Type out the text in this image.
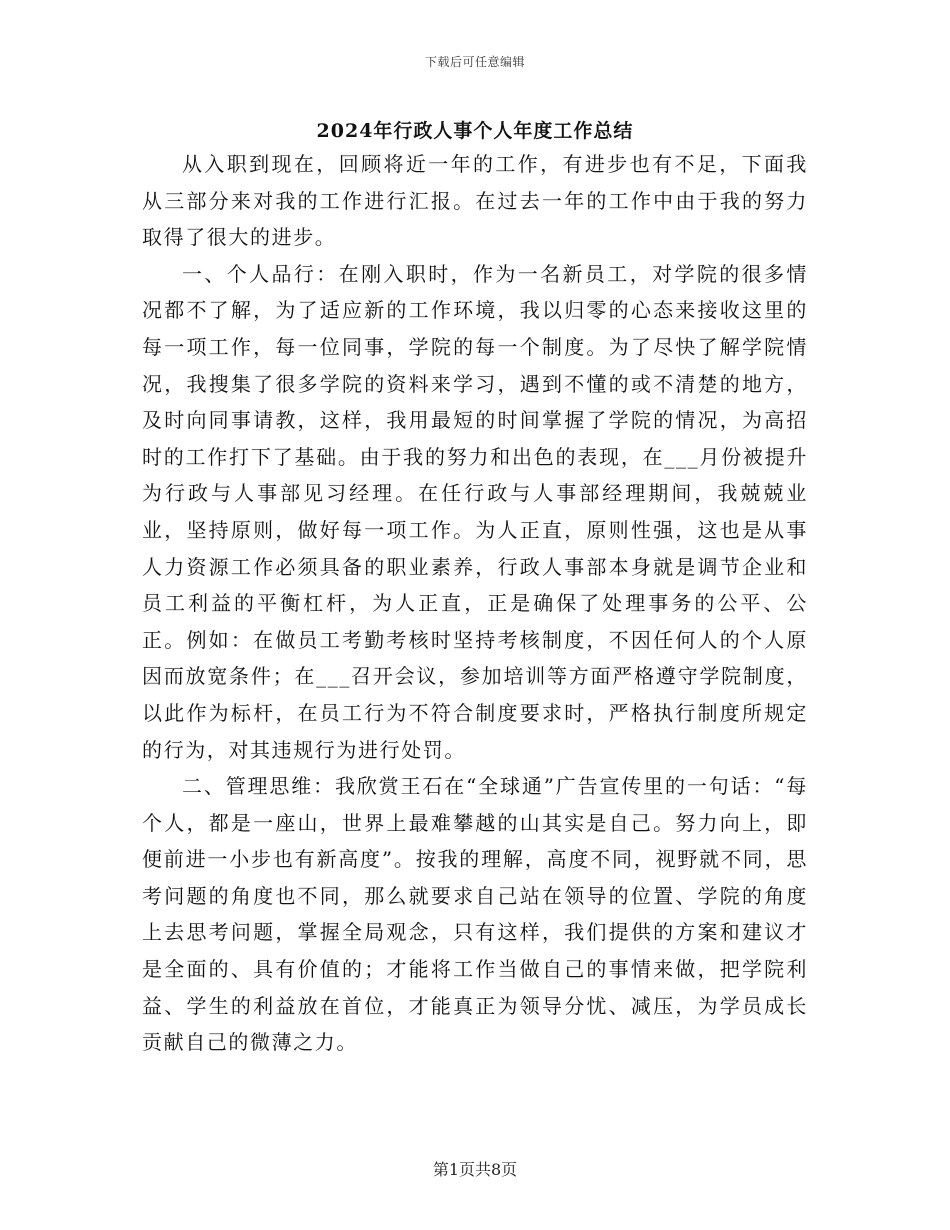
下载后可任意编辑
2024年行政人事个人年度工作总结

从入职到现在，回顾将近一年的工作，有进步也有不足，下面我从三部分来对我的工作进行汇报。在过去一年的工作中由于我的努力取得了很大的进步。

一、个人品行：在刚入职时，作为一名新员工，对学院的很多情况都不了解，为了适应新的工作环境，我以归零的心态来接收这里的每一项工作，每一位同事，学院的每一个制度。为了尽快了解学院情况，我搜集了很多学院的资料来学习，遇到不懂的或不清楚的地方，及时向同事请教，这样，我用最短的时间掌握了学院的情况，为高招时的工作打下了基础。由于我的努力和出色的表现，在___月份被提升为行政与人事部见习经理。在任行政与人事部经理期间，我兢兢业业，坚持原则，做好每一项工作。为人正直，原则性强，这也是从事人力资源工作必须具备的职业素养，行政人事部本身就是调节企业和员工利益的平衡杠杆，为人正直，正是确保了处理事务的公平、公正。例如：在做员工考勤考核时坚持考核制度，不因任何人的个人原因而放宽条件；在___召开会议，参加培训等方面严格遵守学院制度，以此作为标杆，在员工行为不符合制度要求时，严格执行制度所规定的行为，对其违规行为进行处罚。

二、管理思维：我欣赏王石在“全球通”广告宣传里的一句话：“每个人，都是一座山，世界上最难攀越的山其实是自己。努力向上，即便前进一小步也有新高度”。按我的理解，高度不同，视野就不同，思考问题的角度也不同，那么就要求自己站在领导的位置、学院的角度上去思考问题，掌握全局观念，只有这样，我们提供的方案和建议才是全面的、具有价值的；才能将工作当做自己的事情来做，把学院利益、学生的利益放在首位，才能真正为领导分忧、减压，为学员成长贡献自己的微薄之力。

第1页共8页
